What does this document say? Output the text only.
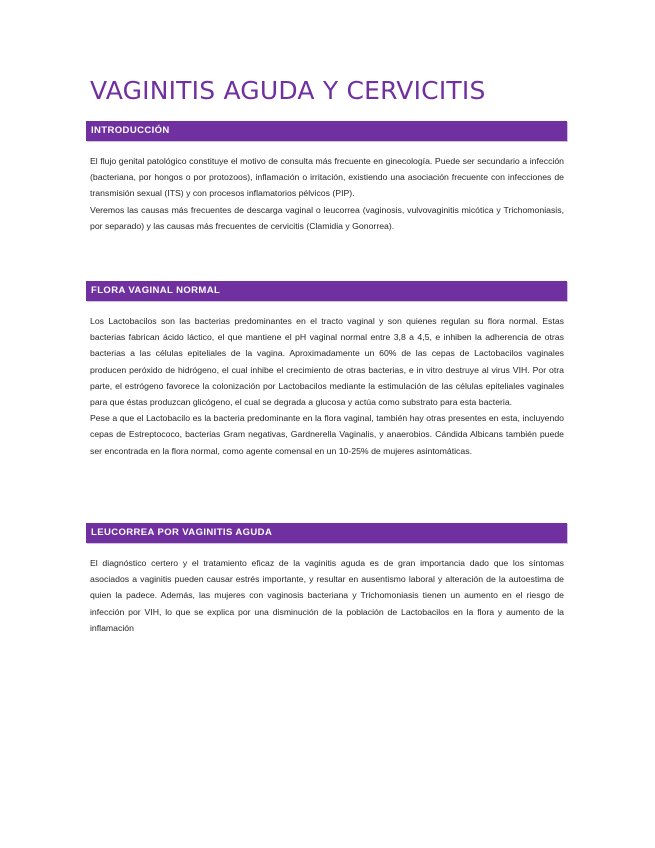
VAGINITIS AGUDA Y CERVICITIS
INTRODUCCIÓN

El flujo genital patológico constituye el motivo de consulta más frecuente en ginecología. Puede ser secundario a infección (bacteriana, por hongos o por protozoos), inflamación o irritación, existiendo una asociación frecuente con infecciones de transmisión sexual (ITS) y con procesos inflamatorios pélvicos (PIP).

Veremos las causas más frecuentes de descarga vaginal o leucorrea (vaginosis, vulvovaginitis micótica y Trichomoniasis, por separado) y las causas más frecuentes de cervicitis (Clamidia y Gonorrea).

FLORA VAGINAL NORMAL

Los Lactobacilos son las bacterias predominantes en el tracto vaginal y son quienes regulan su flora normal. Estas bacterias fabrican ácido láctico, el que mantiene el pH vaginal normal entre 3,8 a 4,5, e inhiben la adherencia de otras bacterias a las células epiteliales de la vagina. Aproximadamente un 60% de las cepas de Lactobacilos vaginales producen peróxido de hidrógeno, el cual inhibe el crecimiento de otras bacterias, e in vitro destruye al virus VIH. Por otra parte, el estrógeno favorece la colonización por Lactobacilos mediante la estimulación de las células epiteliales vaginales para que éstas produzcan glicógeno, el cual se degrada a glucosa y actúa como substrato para esta bacteria.

Pese a que el Lactobacilo es la bacteria predominante en la flora vaginal, también hay otras presentes en esta, incluyendo cepas de Estreptococo, bacterias Gram negativas, Gardnerella Vaginalis, y anaerobios. Cándida Albicans también puede ser encontrada en la flora normal, como agente comensal en un 10-25% de mujeres asintomáticas.

LEUCORREA POR VAGINITIS AGUDA

El diagnóstico certero y el tratamiento eficaz de la vaginitis aguda es de gran importancia dado que los síntomas asociados a vaginitis pueden causar estrés importante, y resultar en ausentismo laboral y alteración de la autoestima de quien la padece. Además, las mujeres con vaginosis bacteriana y Trichomoniasis tienen un aumento en el riesgo de infección por VIH, lo que se explica por una disminución de la población de Lactobacilos en la flora y aumento de la inflamación
